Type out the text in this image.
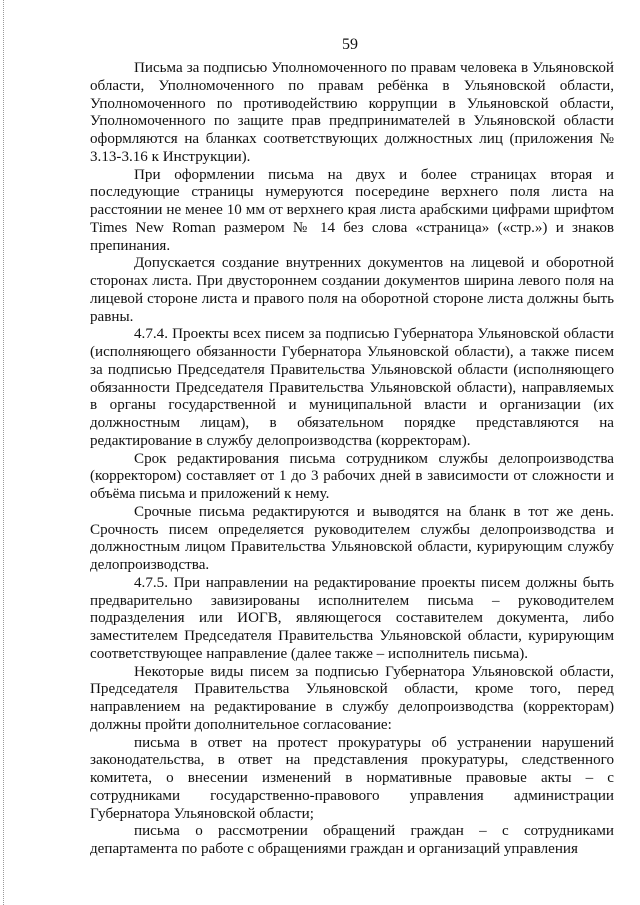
59

Письма за подписью Уполномоченного по правам человека в Ульяновской области, Уполномоченного по правам ребёнка в Ульяновской области, Уполномоченного по противодействию коррупции в Ульяновской области, Уполномоченного по защите прав предпринимателей в Ульяновской области оформляются на бланках соответствующих должностных лиц (приложения № 3.13-3.16 к Инструкции).

При оформлении письма на двух и более страницах вторая и последующие страницы нумеруются посередине верхнего поля листа на расстоянии не менее 10 мм от верхнего края листа арабскими цифрами шрифтом Times New Roman размером № 14 без слова «страница» («стр.») и знаков препинания.

Допускается создание внутренних документов на лицевой и оборотной сторонах листа. При двустороннем создании документов ширина левого поля на лицевой стороне листа и правого поля на оборотной стороне листа должны быть равны.

4.7.4. Проекты всех писем за подписью Губернатора Ульяновской области (исполняющего обязанности Губернатора Ульяновской области), а также писем за подписью Председателя Правительства Ульяновской области (исполняющего обязанности Председателя Правительства Ульяновской области), направляемых в органы государственной и муниципальной власти и организации (их должностным лицам), в обязательном порядке представляются на редактирование в службу делопроизводства (корректорам).

Срок редактирования письма сотрудником службы делопроизводства (корректором) составляет от 1 до 3 рабочих дней в зависимости от сложности и объёма письма и приложений к нему.

Срочные письма редактируются и выводятся на бланк в тот же день. Срочность писем определяется руководителем службы делопроизводства и должностным лицом Правительства Ульяновской области, курирующим службу делопроизводства.

4.7.5. При направлении на редактирование проекты писем должны быть предварительно завизированы исполнителем письма – руководителем подразделения или ИОГВ, являющегося составителем документа, либо заместителем Председателя Правительства Ульяновской области, курирующим соответствующее направление (далее также – исполнитель письма).

Некоторые виды писем за подписью Губернатора Ульяновской области, Председателя Правительства Ульяновской области, кроме того, перед направлением на редактирование в службу делопроизводства (корректорам) должны пройти дополнительное согласование:

письма в ответ на протест прокуратуры об устранении нарушений законодательства, в ответ на представления прокуратуры, следственного комитета, о внесении изменений в нормативные правовые акты – с сотрудниками государственно-правового управления администрации Губернатора Ульяновской области;

письма о рассмотрении обращений граждан – с сотрудниками департамента по работе с обращениями граждан и организаций управления
